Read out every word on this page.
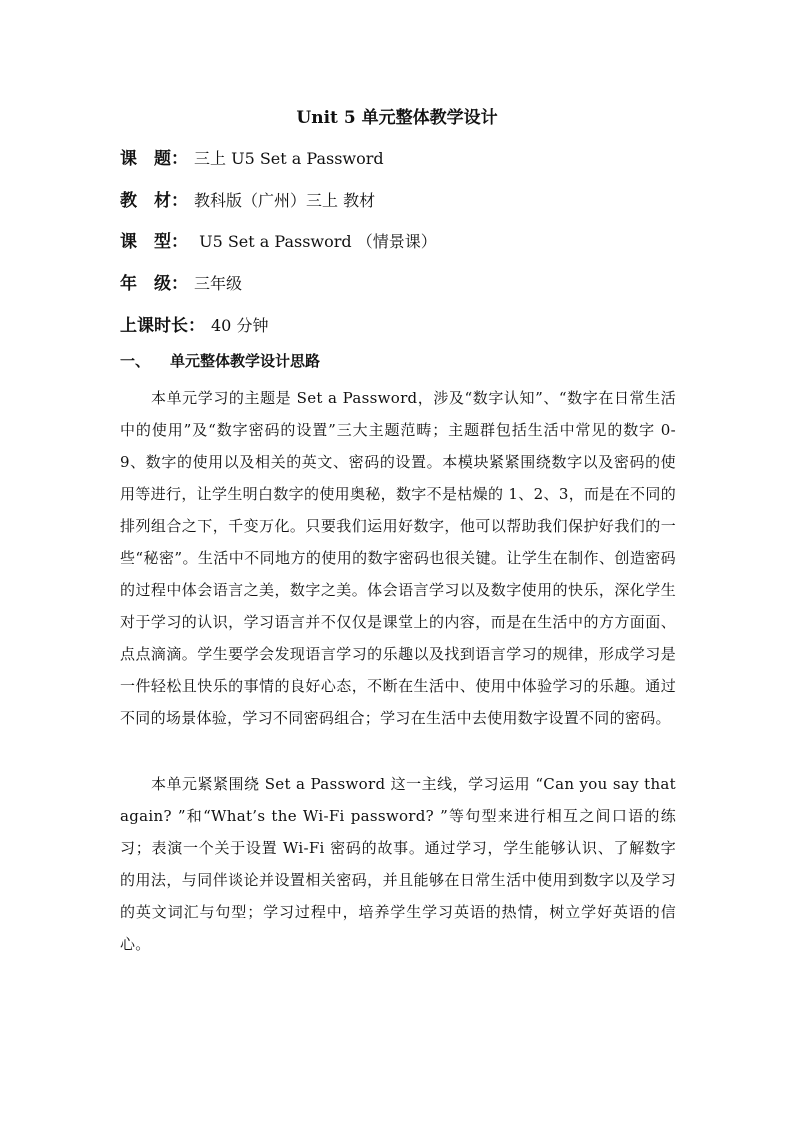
Unit 5 单元整体教学设计
课　题： 三上 U5 Set a Password
教　材： 教科版（广州）三上 教材
课　型： U5 Set a Password （情景课）
年　级： 三年级
上课时长： 40 分钟
一、 单元整体教学设计思路

本单元学习的主题是 Set a Password，涉及“数字认知”、“数字在日常生活中的使用”及“数字密码的设置”三大主题范畴；主题群包括生活中常见的数字 0-9、数字的使用以及相关的英文、密码的设置。本模块紧紧围绕数字以及密码的使用等进行，让学生明白数字的使用奥秘，数字不是枯燥的 1、2、3，而是在不同的排列组合之下，千变万化。只要我们运用好数字，他可以帮助我们保护好我们的一些“秘密”。生活中不同地方的使用的数字密码也很关键。让学生在制作、创造密码的过程中体会语言之美，数字之美。体会语言学习以及数字使用的快乐，深化学生对于学习的认识，学习语言并不仅仅是课堂上的内容，而是在生活中的方方面面、点点滴滴。学生要学会发现语言学习的乐趣以及找到语言学习的规律，形成学习是一件轻松且快乐的事情的良好心态，不断在生活中、使用中体验学习的乐趣。通过不同的场景体验，学习不同密码组合；学习在生活中去使用数字设置不同的密码。

本单元紧紧围绕 Set a Password 这一主线，学习运用 “Can you say that again? ”和“What’s the Wi-Fi password? ”等句型来进行相互之间口语的练习；表演一个关于设置 Wi-Fi 密码的故事。通过学习，学生能够认识、了解数字的用法，与同伴谈论并设置相关密码，并且能够在日常生活中使用到数字以及学习的英文词汇与句型；学习过程中，培养学生学习英语的热情，树立学好英语的信心。
